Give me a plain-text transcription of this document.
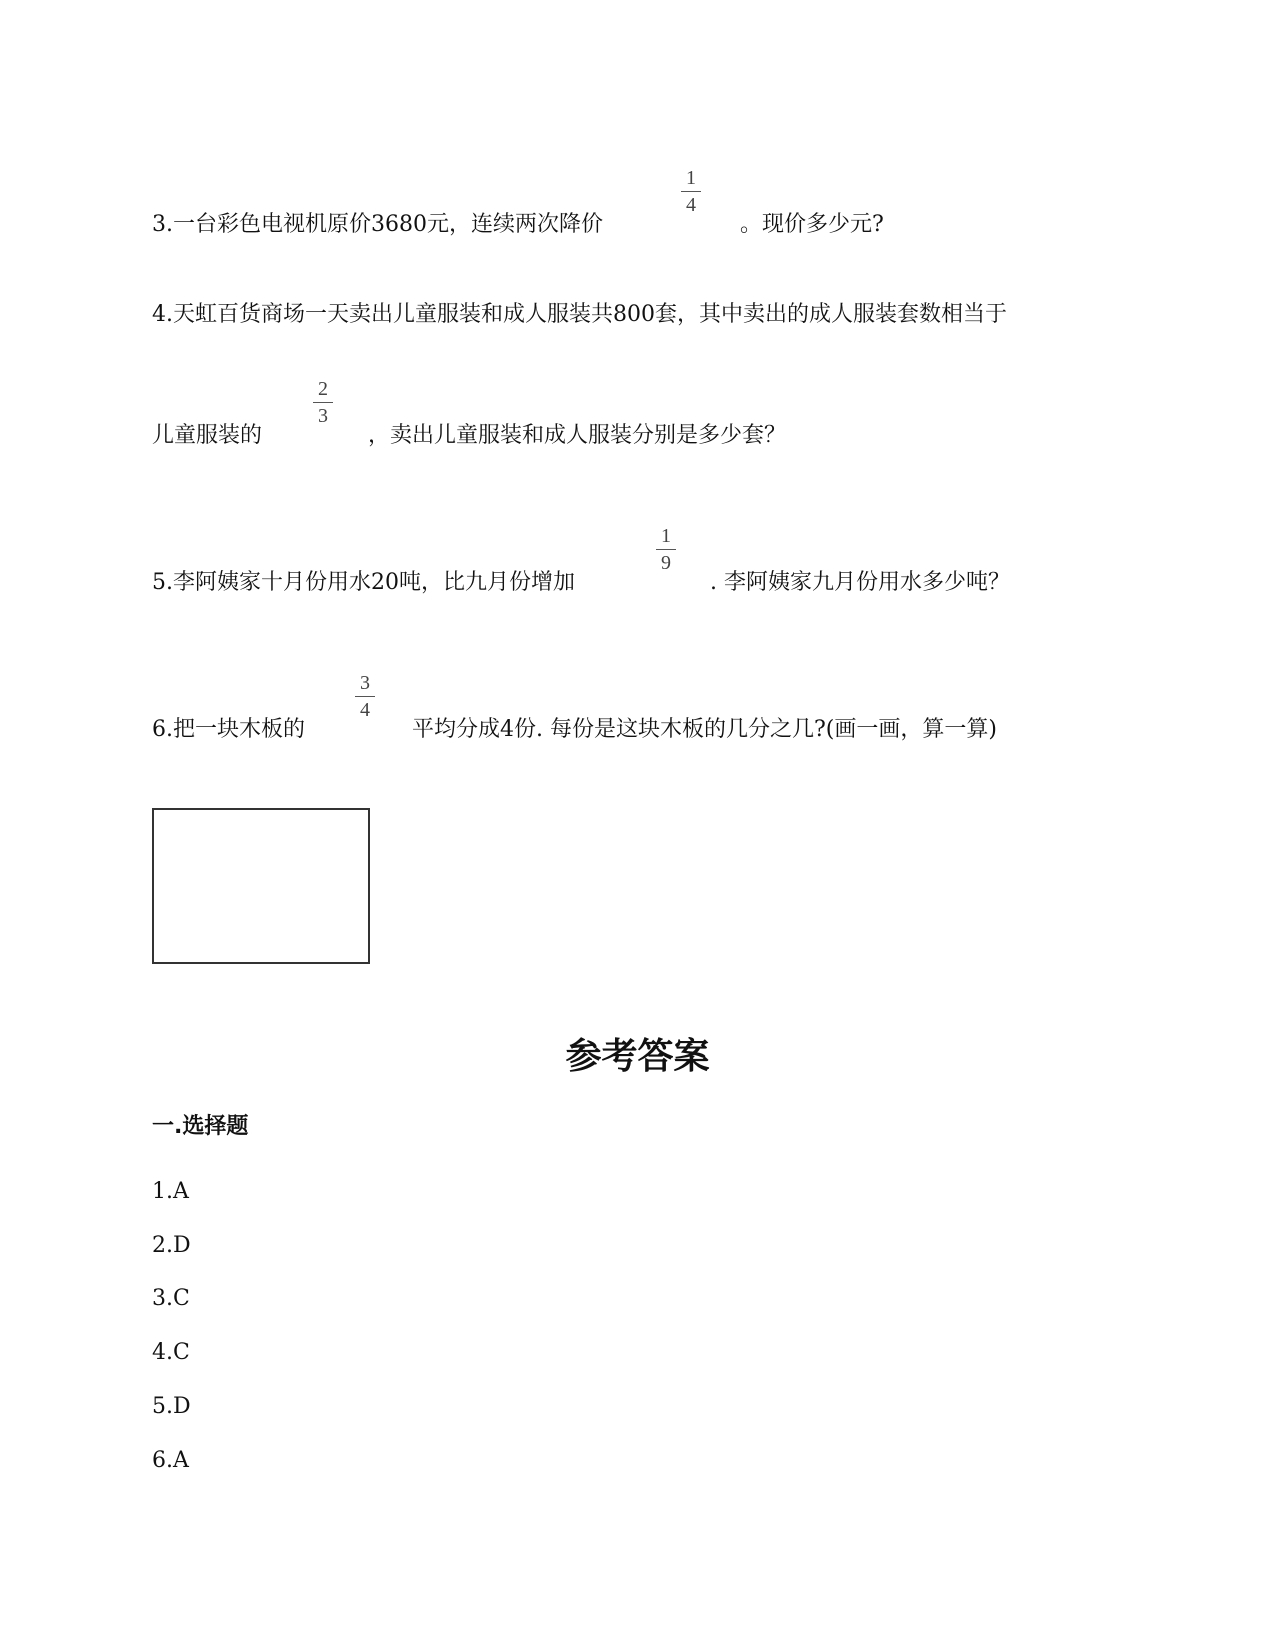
3.一台彩色电视机原价3680元，连续两次降价
1
4
。现价多少元?
4.天虹百货商场一天卖出儿童服装和成人服装共800套，其中卖出的成人服装套数相当于
儿童服装的
2
3
，卖出儿童服装和成人服装分别是多少套？
5.李阿姨家十月份用水20吨，比九月份增加
1
9
. 李阿姨家九月份用水多少吨？
6.把一块木板的
3
4
平均分成4份. 每份是这块木板的几分之几?(画一画，算一算)
参考答案
一.选择题
1.A
2.D
3.C
4.C
5.D
6.A
